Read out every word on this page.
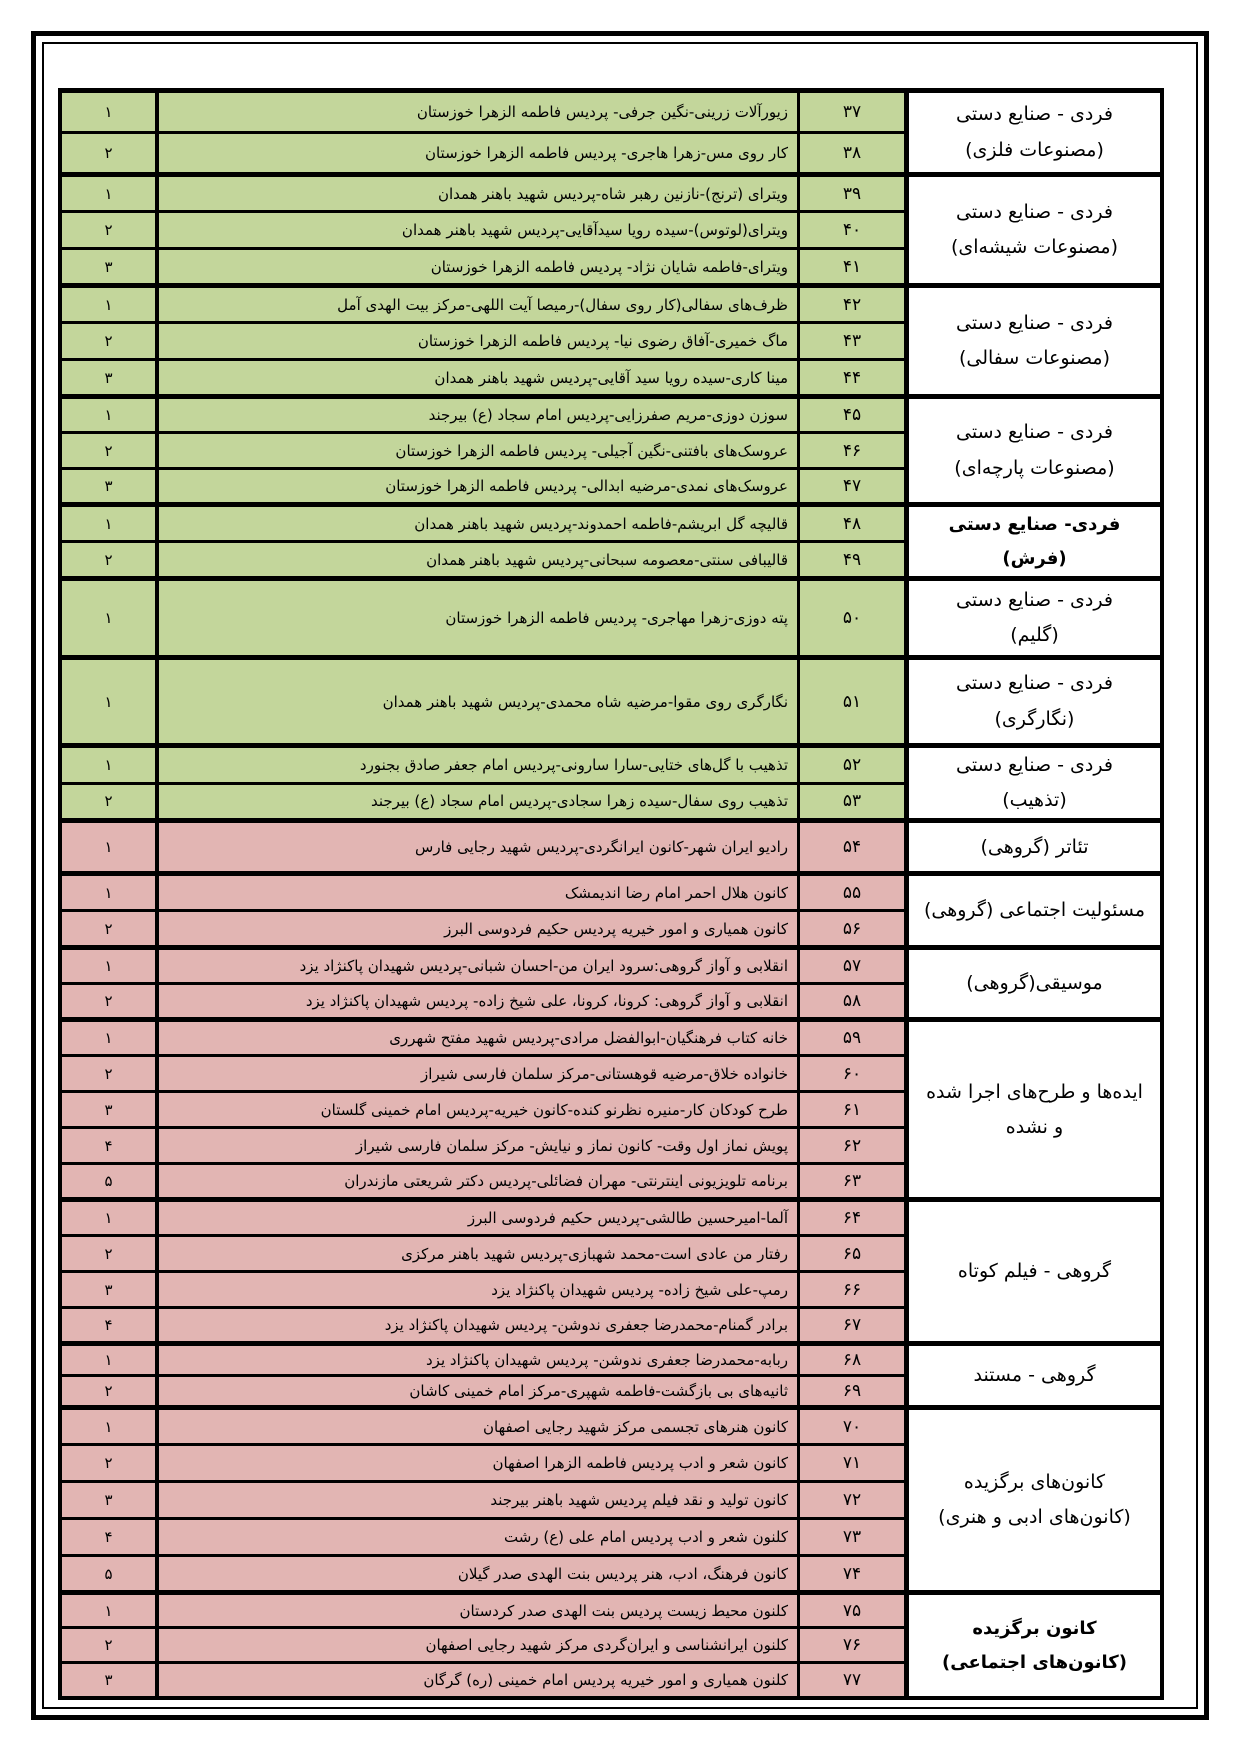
فردی - صنایع دستی
(مصنوعات فلزی)	۳۷	زیورآلات زرینی-نگین جرفی- پردیس فاطمه الزهرا خوزستان	۱
	۳۸	کار روی مس-زهرا هاجری- پردیس فاطمه الزهرا خوزستان	۲

فردی - صنایع دستی
(مصنوعات شیشه‌ای)	۳۹	ویترای (ترنج)-نازنین رهبر شاه-پردیس شهید باهنر همدان	۱
	۴۰	ویترای(لوتوس)-سیده رویا سیدآقایی-پردیس شهید باهنر همدان	۲
	۴۱	ویترای-فاطمه شایان نژاد- پردیس فاطمه الزهرا خوزستان	۳

فردی - صنایع دستی
(مصنوعات سفالی)	۴۲	ظرف‌های سفالی(کار روی سفال)-رمیصا آیت اللهی-مرکز بیت الهدی آمل	۱
	۴۳	ماگ خمیری-آفاق رضوی نیا- پردیس فاطمه الزهرا خوزستان	۲
	۴۴	مینا کاری-سیده رویا سید آقایی-پردیس شهید باهنر همدان	۳

فردی - صنایع دستی
(مصنوعات پارچه‌ای)	۴۵	سوزن دوزی-مریم صفرزایی-پردیس امام سجاد (ع) بیرجند	۱
	۴۶	عروسک‌های بافتنی-نگین آجیلی- پردیس فاطمه الزهرا خوزستان	۲
	۴۷	عروسک‌های نمدی-مرضیه ابدالی- پردیس فاطمه الزهرا خوزستان	۳

فردی- صنایع دستی
(فرش)	۴۸	قالیچه گل ابریشم-فاطمه احمدوند-پردیس شهید باهنر همدان	۱
	۴۹	قالیبافی سنتی-معصومه سبحانی-پردیس شهید باهنر همدان	۲

فردی - صنایع دستی
(گلیم)	۵۰	پته دوزی-زهرا مهاجری- پردیس فاطمه الزهرا خوزستان	۱

فردی - صنایع دستی
(نگارگری)	۵۱	نگارگری روی مقوا-مرضیه شاه محمدی-پردیس شهید باهنر همدان	۱

فردی - صنایع دستی
(تذهیب)	۵۲	تذهیب با گل‌های ختایی-سارا سارونی-پردیس امام جعفر صادق بجنورد	۱
	۵۳	تذهیب روی سفال-سیده زهرا سجادی-پردیس امام سجاد (ع) بیرجند	۲

تئاتر (گروهی)	۵۴	رادیو ایران شهر-کانون ایرانگردی-پردیس شهید رجایی فارس	۱

مسئولیت اجتماعی (گروهی)	۵۵	کانون هلال احمر امام رضا اندیمشک	۱
	۵۶	کانون همیاری و امور خیریه پردیس حکیم فردوسی البرز	۲

موسیقی(گروهی)	۵۷	انقلابی و آواز گروهی:سرود ایران من-احسان شبانی-پردیس شهیدان پاکنژاد یزد	۱
	۵۸	انقلابی و آواز گروهی: کرونا، کرونا، علی شیخ زاده- پردیس شهیدان پاکنژاد یزد	۲

ایده‌ها و طرح‌های اجرا شده
و نشده	۵۹	خانه کتاب فرهنگیان-ابوالفضل مرادی-پردیس شهید مفتح شهرری	۱
	۶۰	خانواده خلاق-مرضیه قوهستانی-مرکز سلمان فارسی شیراز	۲
	۶۱	طرح کودکان کار-منیره نظرنو کنده-کانون خیریه-پردیس امام خمینی گلستان	۳
	۶۲	پویش نماز اول وقت- کانون نماز و نیایش- مرکز سلمان فارسی شیراز	۴
	۶۳	برنامه تلویزیونی اینترنتی- مهران فضائلی-پردیس دکتر شریعتی مازندران	۵

گروهی - فیلم کوتاه	۶۴	آلما-امیرحسین طالشی-پردیس حکیم فردوسی البرز	۱
	۶۵	رفتار من عادی است-محمد شهبازی-پردیس شهید باهنر مرکزی	۲
	۶۶	رمپ-علی شیخ زاده- پردیس شهیدان پاکنژاد یزد	۳
	۶۷	برادر گمنام-محمدرضا جعفری ندوشن- پردیس شهیدان پاکنژاد یزد	۴

گروهی - مستند	۶۸	ربابه-محمدرضا جعفری ندوشن- پردیس شهیدان پاکنژاد یزد	۱
	۶۹	ثانیه‌های بی بازگشت-فاطمه شهپری-مرکز امام خمینی کاشان	۲

کانون‌های برگزیده
(کانون‌های ادبی و هنری)	۷۰	کانون هنرهای تجسمی مرکز شهید رجایی اصفهان	۱
	۷۱	کانون شعر و ادب پردیس فاطمه الزهرا اصفهان	۲
	۷۲	کانون تولید و نقد فیلم پردیس شهید باهنر بیرجند	۳
	۷۳	کلنون شعر و ادب پردیس امام علی (ع) رشت	۴
	۷۴	کانون فرهنگ، ادب، هنر پردیس بنت الهدی صدر گیلان	۵

کانون برگزیده
(کانون‌های اجتماعی)	۷۵	کلنون محیط زیست پردیس بنت الهدی صدر کردستان	۱
	۷۶	کلنون ایرانشناسی و ایران‌گردی مرکز شهید رجایی اصفهان	۲
	۷۷	کلنون همیاری و امور خیریه پردیس امام خمینی (ره) گرگان	۳
